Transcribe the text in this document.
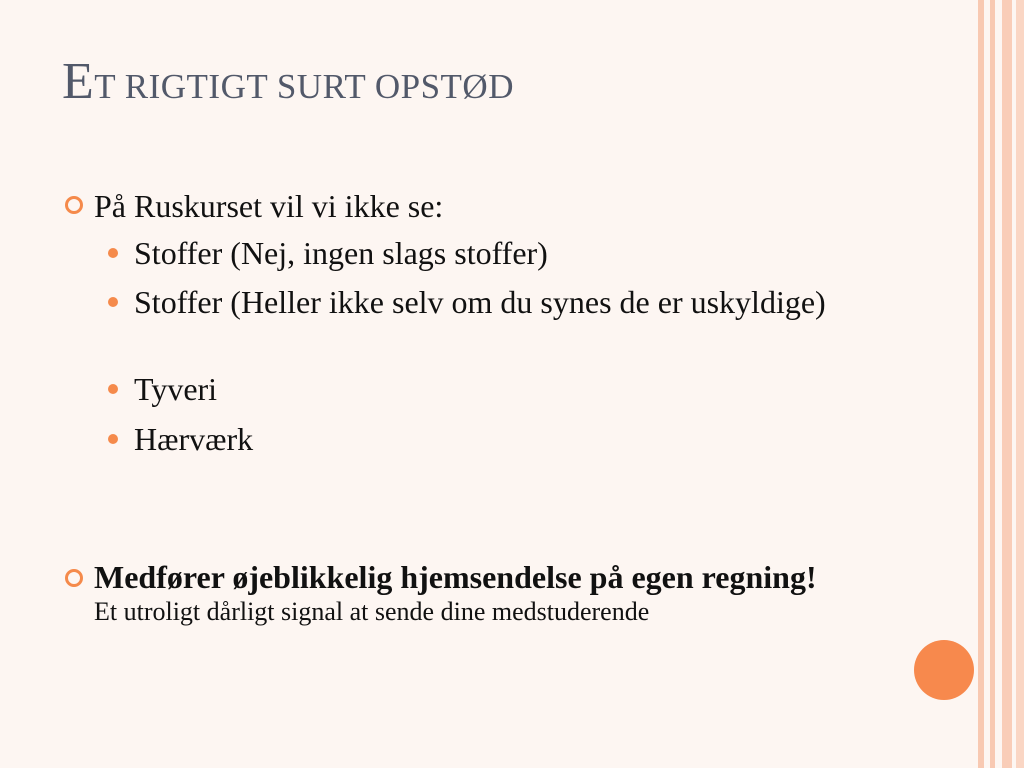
ET RIGTIGT SURT OPSTØD
På Ruskurset vil vi ikke se:
Stoffer (Nej, ingen slags stoffer)
Stoffer (Heller ikke selv om du synes de er uskyldige)
Tyveri
Hærværk
Medfører øjeblikkelig hjemsendelse på egen regning!
Et utroligt dårligt signal at sende dine medstuderende
